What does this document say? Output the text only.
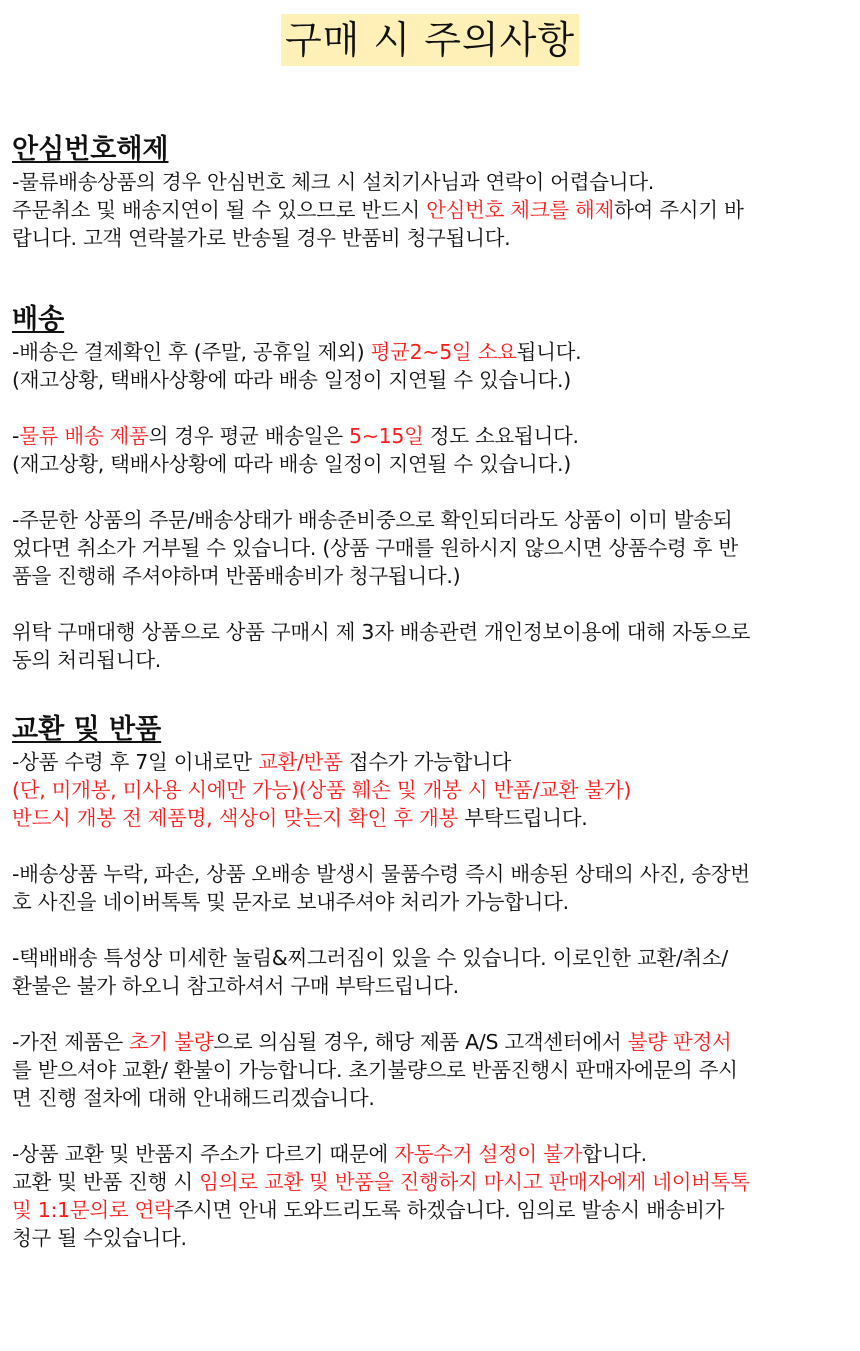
구매 시 주의사항
안심번호해제

-물류배송상품의 경우 안심번호 체크 시 설치기사님과 연락이 어렵습니다.

주문취소 및 배송지연이 될 수 있으므로 반드시 안심번호 체크를 해제하여 주시기 바

랍니다. 고객 연락불가로 반송될 경우 반품비 청구됩니다.

배송

-배송은 결제확인 후 (주말, 공휴일 제외) 평균2~5일 소요됩니다.

(재고상황, 택배사상황에 따라 배송 일정이 지연될 수 있습니다.)

-물류 배송 제품의 경우 평균 배송일은 5~15일 정도 소요됩니다.

(재고상황, 택배사상황에 따라 배송 일정이 지연될 수 있습니다.)

-주문한 상품의 주문/배송상태가 배송준비중으로 확인되더라도 상품이 이미 발송되

었다면 취소가 거부될 수 있습니다. (상품 구매를 원하시지 않으시면 상품수령 후 반

품을 진행해 주셔야하며 반품배송비가 청구됩니다.)

위탁 구매대행 상품으로 상품 구매시 제 3자 배송관련 개인정보이용에 대해 자동으로

동의 처리됩니다.

교환 및 반품

-상품 수령 후 7일 이내로만 교환/반품 접수가 가능합니다

(단, 미개봉, 미사용 시에만 가능)(상품 훼손 및 개봉 시 반품/교환 불가)

반드시 개봉 전 제품명, 색상이 맞는지 확인 후 개봉 부탁드립니다.

-배송상품 누락, 파손, 상품 오배송 발생시 물품수령 즉시 배송된 상태의 사진, 송장번

호 사진을 네이버톡톡 및 문자로 보내주셔야 처리가 가능합니다.

-택배배송 특성상 미세한 눌림&찌그러짐이 있을 수 있습니다. 이로인한 교환/취소/

환불은 불가 하오니 참고하셔서 구매 부탁드립니다.

-가전 제품은 초기 불량으로 의심될 경우, 해당 제품 A/S 고객센터에서 불량 판정서

를 받으셔야 교환/ 환불이 가능합니다. 초기불량으로 반품진행시 판매자에문의 주시

면 진행 절차에 대해 안내해드리겠습니다.

-상품 교환 및 반품지 주소가 다르기 때문에 자동수거 설정이 불가합니다.

교환 및 반품 진행 시 임의로 교환 및 반품을 진행하지 마시고 판매자에게 네이버톡톡

및 1:1문의로 연락주시면 안내 도와드리도록 하겠습니다. 임의로 발송시 배송비가

청구 될 수있습니다.
